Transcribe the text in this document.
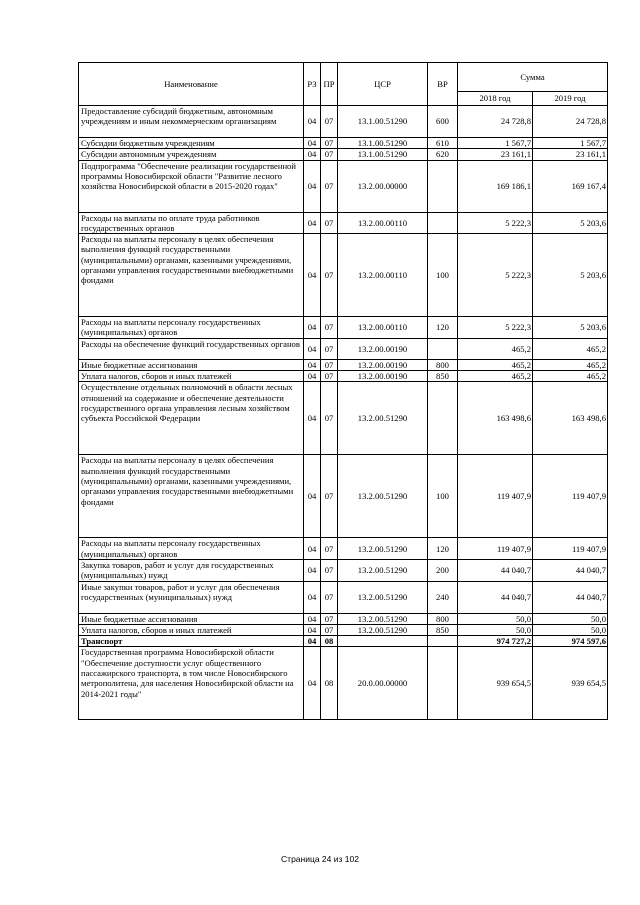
Наименование	РЗ	ПР	ЦСР	ВР	Сумма	
					2018 год	2019 год
Предоставление субсидий бюджетным, автономным учреждениям и иным некоммерческим организациям	04	07	13.1.00.51290	600	24 728,8	24 728,8
Субсидии бюджетным учреждениям	04	07	13.1.00.51290	610	1 567,7	1 567,7
Субсидии автономным учреждениям	04	07	13.1.00.51290	620	23 161,1	23 161,1
Подпрограмма "Обеспечение реализации государственной программы Новосибирской области "Развитие лесного хозяйства Новосибирской области в 2015-2020 годах"	04	07	13.2.00.00000		169 186,1	169 167,4
Расходы на выплаты по оплате труда работников государственных органов	04	07	13.2.00.00110		5 222,3	5 203,6
Расходы на выплаты персоналу в целях обеспечения выполнения функций государственными (муниципальными) органами, казенными учреждениями, органами управления государственными внебюджетными фондами	04	07	13.2.00.00110	100	5 222,3	5 203,6
Расходы на выплаты персоналу государственных (муниципальных) органов	04	07	13.2.00.00110	120	5 222,3	5 203,6
Расходы на обеспечение функций государственных органов	04	07	13.2.00.00190		465,2	465,2
Иные бюджетные ассигнования	04	07	13.2.00.00190	800	465,2	465,2
Уплата налогов, сборов и иных платежей	04	07	13.2.00.00190	850	465,2	465,2
Осуществление отдельных полномочий в области лесных отношений на содержание и обеспечение деятельности государственного органа управления лесным хозяйством субъекта Российской Федерации	04	07	13.2.00.51290		163 498,6	163 498,6
Расходы на выплаты персоналу в целях обеспечения выполнения функций государственными (муниципальными) органами, казенными учреждениями, органами управления государственными внебюджетными фондами	04	07	13.2.00.51290	100	119 407,9	119 407,9
Расходы на выплаты персоналу государственных (муниципальных) органов	04	07	13.2.00.51290	120	119 407,9	119 407,9
Закупка товаров, работ и услуг для государственных (муниципальных) нужд	04	07	13.2.00.51290	200	44 040,7	44 040,7
Иные закупки товаров, работ и услуг для обеспечения государственных (муниципальных) нужд	04	07	13.2.00.51290	240	44 040,7	44 040,7
Иные бюджетные ассигнования	04	07	13.2.00.51290	800	50,0	50,0
Уплата налогов, сборов и иных платежей	04	07	13.2.00.51290	850	50,0	50,0
Транспорт	04	08			974 727,2	974 597,6
Государственная программа Новосибирской области "Обеспечение доступности услуг общественного пассажирского транспорта, в том числе Новосибирского метрополитена, для населения Новосибирской области на 2014-2021 годы"	04	08	20.0.00.00000		939 654,5	939 654,5
Страница 24 из 102
